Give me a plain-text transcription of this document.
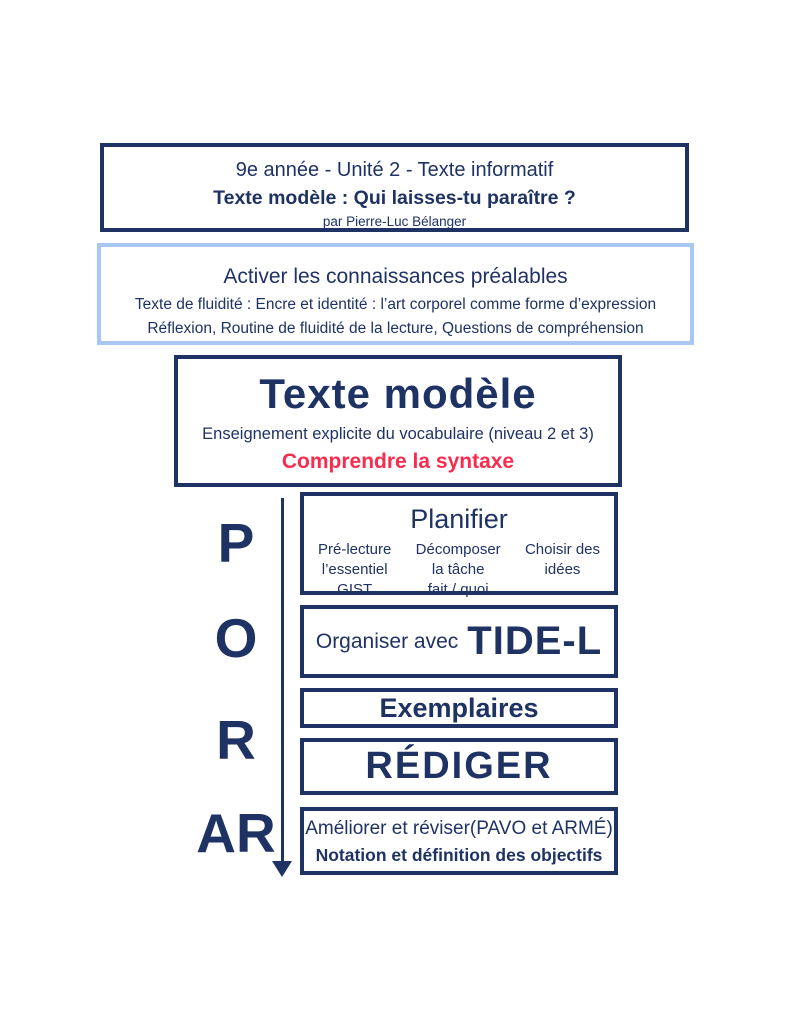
9e année - Unité 2 - Texte informatif
Texte modèle : Qui laisses-tu paraître ?
par Pierre-Luc Bélanger
Activer les connaissances préalables
Texte de fluidité : Encre et identité : l’art corporel comme forme d’expression
Réflexion, Routine de fluidité de la lecture, Questions de compréhension
Texte modèle
Enseignement explicite du vocabulaire (niveau 2 et 3)
Comprendre la syntaxe
P
O
R
AR
Planifier
Pré-lecture
l’essentiel
GIST
Décomposer
la tâche
fait / quoi
Choisir des
idées
Organiser avec TIDE-L
Exemplaires
RÉDIGER
Améliorer et réviser(PAVO et ARMÉ)
Notation et définition des objectifs
